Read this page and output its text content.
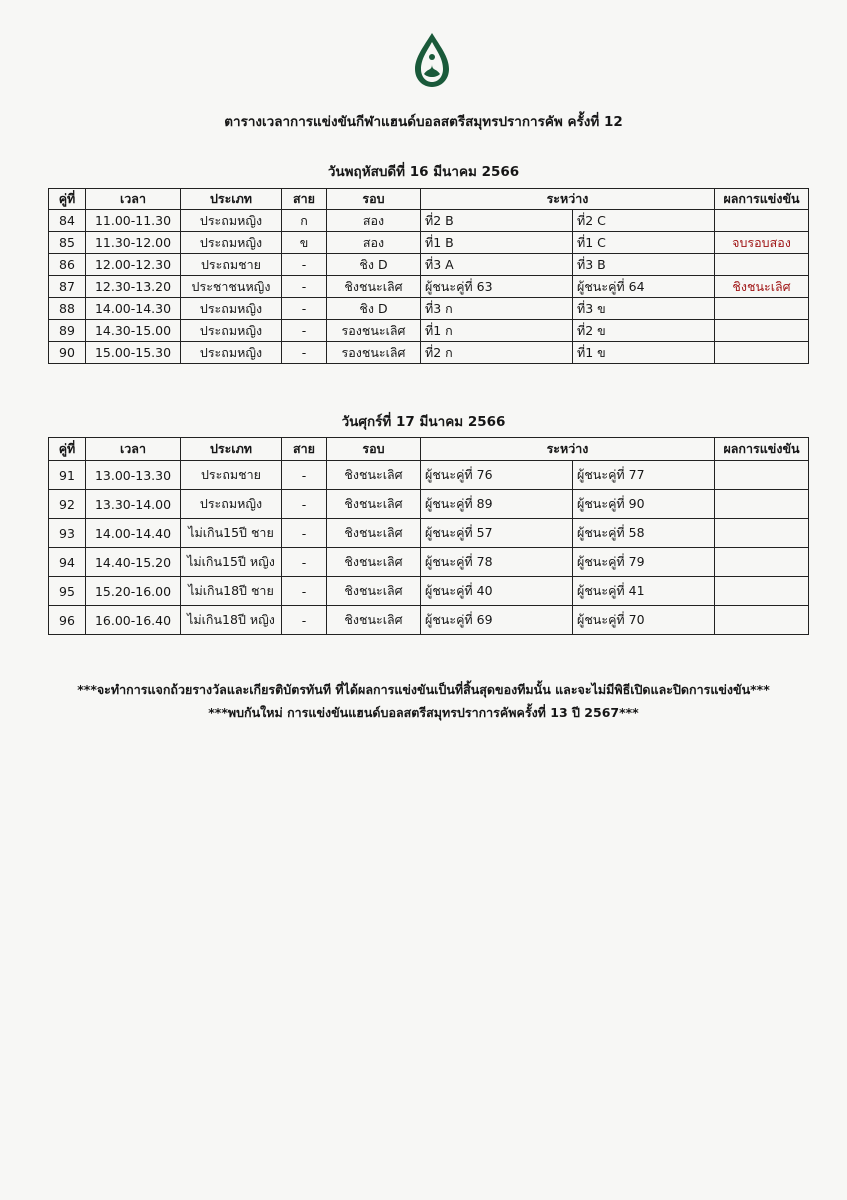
ตารางเวลาการแข่งขันกีฬาแฮนด์บอลสตรีสมุทรปราการคัพ ครั้งที่ 12
วันพฤหัสบดีที่ 16 มีนาคม 2566
คู่ที่	เวลา	ประเภท	สาย	รอบ	ระหว่าง		ผลการแข่งขัน
84	11.00-11.30	ประถมหญิง	ก	สอง	ที่2 B	ที่2 C	
85	11.30-12.00	ประถมหญิง	ข	สอง	ที่1 B	ที่1 C	จบรอบสอง
86	12.00-12.30	ประถมชาย	-	ชิง D	ที่3 A	ที่3 B	
87	12.30-13.20	ประชาชนหญิง	-	ชิงชนะเลิศ	ผู้ชนะคู่ที่ 63	ผู้ชนะคู่ที่ 64	ชิงชนะเลิศ
88	14.00-14.30	ประถมหญิง	-	ชิง D	ที่3 ก	ที่3 ข	
89	14.30-15.00	ประถมหญิง	-	รองชนะเลิศ	ที่1 ก	ที่2 ข	
90	15.00-15.30	ประถมหญิง	-	รองชนะเลิศ	ที่2 ก	ที่1 ข	
วันศุกร์ที่ 17 มีนาคม 2566
คู่ที่	เวลา	ประเภท	สาย	รอบ	ระหว่าง		ผลการแข่งขัน
91	13.00-13.30	ประถมชาย	-	ชิงชนะเลิศ	ผู้ชนะคู่ที่ 76	ผู้ชนะคู่ที่ 77	
92	13.30-14.00	ประถมหญิง	-	ชิงชนะเลิศ	ผู้ชนะคู่ที่ 89	ผู้ชนะคู่ที่ 90	
93	14.00-14.40	ไม่เกิน15ปี ชาย	-	ชิงชนะเลิศ	ผู้ชนะคู่ที่ 57	ผู้ชนะคู่ที่ 58	
94	14.40-15.20	ไม่เกิน15ปี หญิง	-	ชิงชนะเลิศ	ผู้ชนะคู่ที่ 78	ผู้ชนะคู่ที่ 79	
95	15.20-16.00	ไม่เกิน18ปี ชาย	-	ชิงชนะเลิศ	ผู้ชนะคู่ที่ 40	ผู้ชนะคู่ที่ 41	
96	16.00-16.40	ไม่เกิน18ปี หญิง	-	ชิงชนะเลิศ	ผู้ชนะคู่ที่ 69	ผู้ชนะคู่ที่ 70	
***จะทำการแจกถ้วยรางวัลและเกียรติบัตรทันที ที่ได้ผลการแข่งขันเป็นที่สิ้นสุดของทีมนั้น และจะไม่มีพิธีเปิดและปิดการแข่งขัน***
***พบกันใหม่ การแข่งขันแฮนด์บอลสตรีสมุทรปราการคัพครั้งที่ 13 ปี 2567***
